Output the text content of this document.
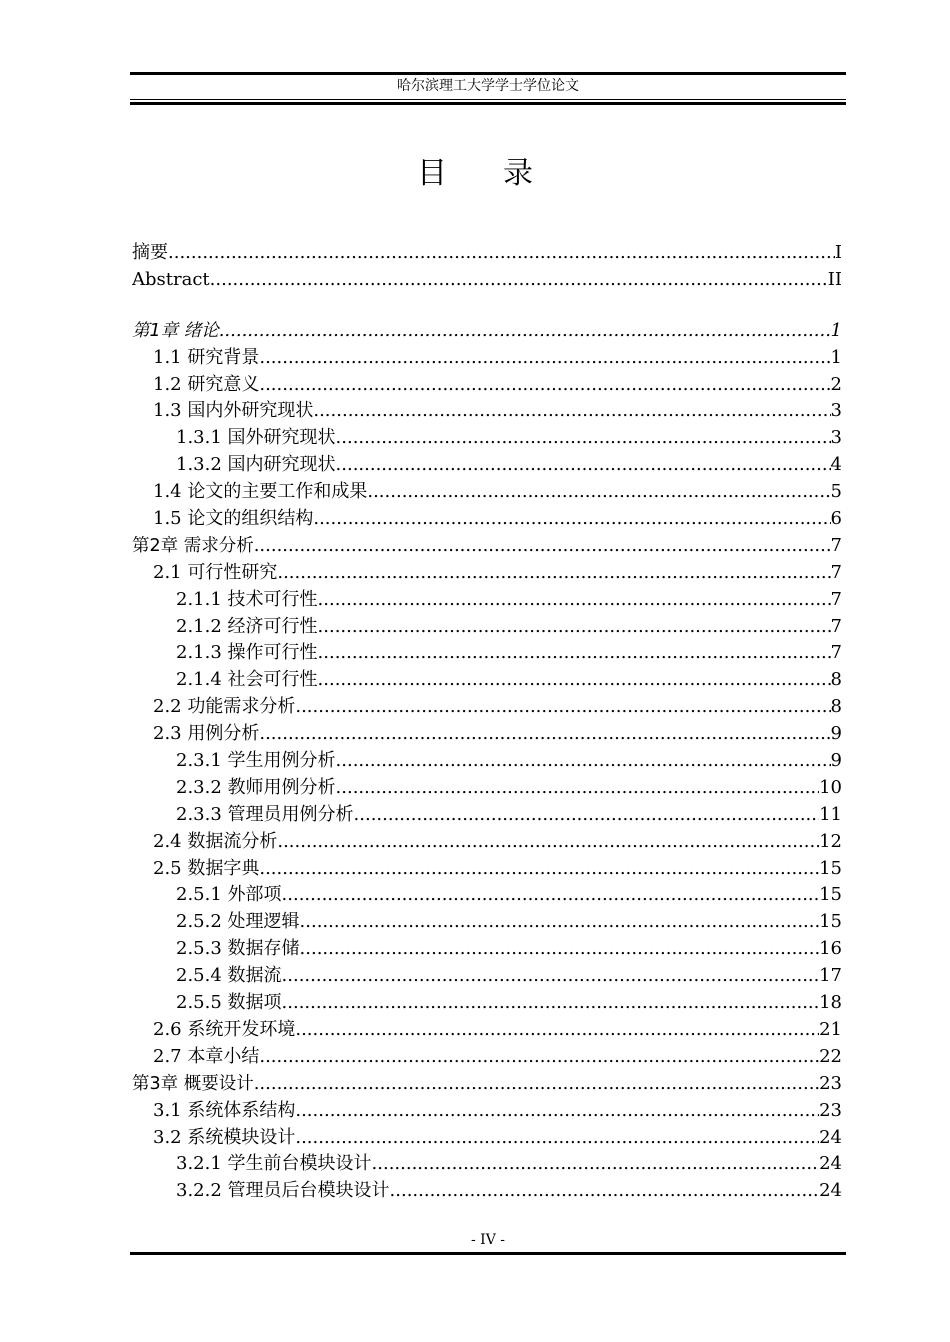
哈尔滨理工大学学士学位论文
目录
摘要 .....	I
Abstract .....	II
第1章 绪论 .....	1
1.1 研究背景 .....	1
1.2 研究意义 .....	2
1.3 国内外研究现状 .....	3
1.3.1 国外研究现状 .....	3
1.3.2 国内研究现状 .....	4
1.4 论文的主要工作和成果 .....	5
1.5 论文的组织结构 .....	6
第2章 需求分析 .....	7
2.1 可行性研究 .....	7
2.1.1 技术可行性 .....	7
2.1.2 经济可行性 .....	7
2.1.3 操作可行性 .....	7
2.1.4 社会可行性 .....	8
2.2 功能需求分析 .....	8
2.3 用例分析 .....	9
2.3.1 学生用例分析 .....	9
2.3.2 教师用例分析 .....	10
2.3.3 管理员用例分析 .....	11
2.4 数据流分析 .....	12
2.5 数据字典 .....	15
2.5.1 外部项 .....	15
2.5.2 处理逻辑 .....	15
2.5.3 数据存储 .....	16
2.5.4 数据流 .....	17
2.5.5 数据项 .....	18
2.6 系统开发环境 .....	21
2.7 本章小结 .....	22
第3章 概要设计 .....	23
3.1 系统体系结构 .....	23
3.2 系统模块设计 .....	24
3.2.1 学生前台模块设计 .....	24
3.2.2 管理员后台模块设计 .....	24
- IV -
